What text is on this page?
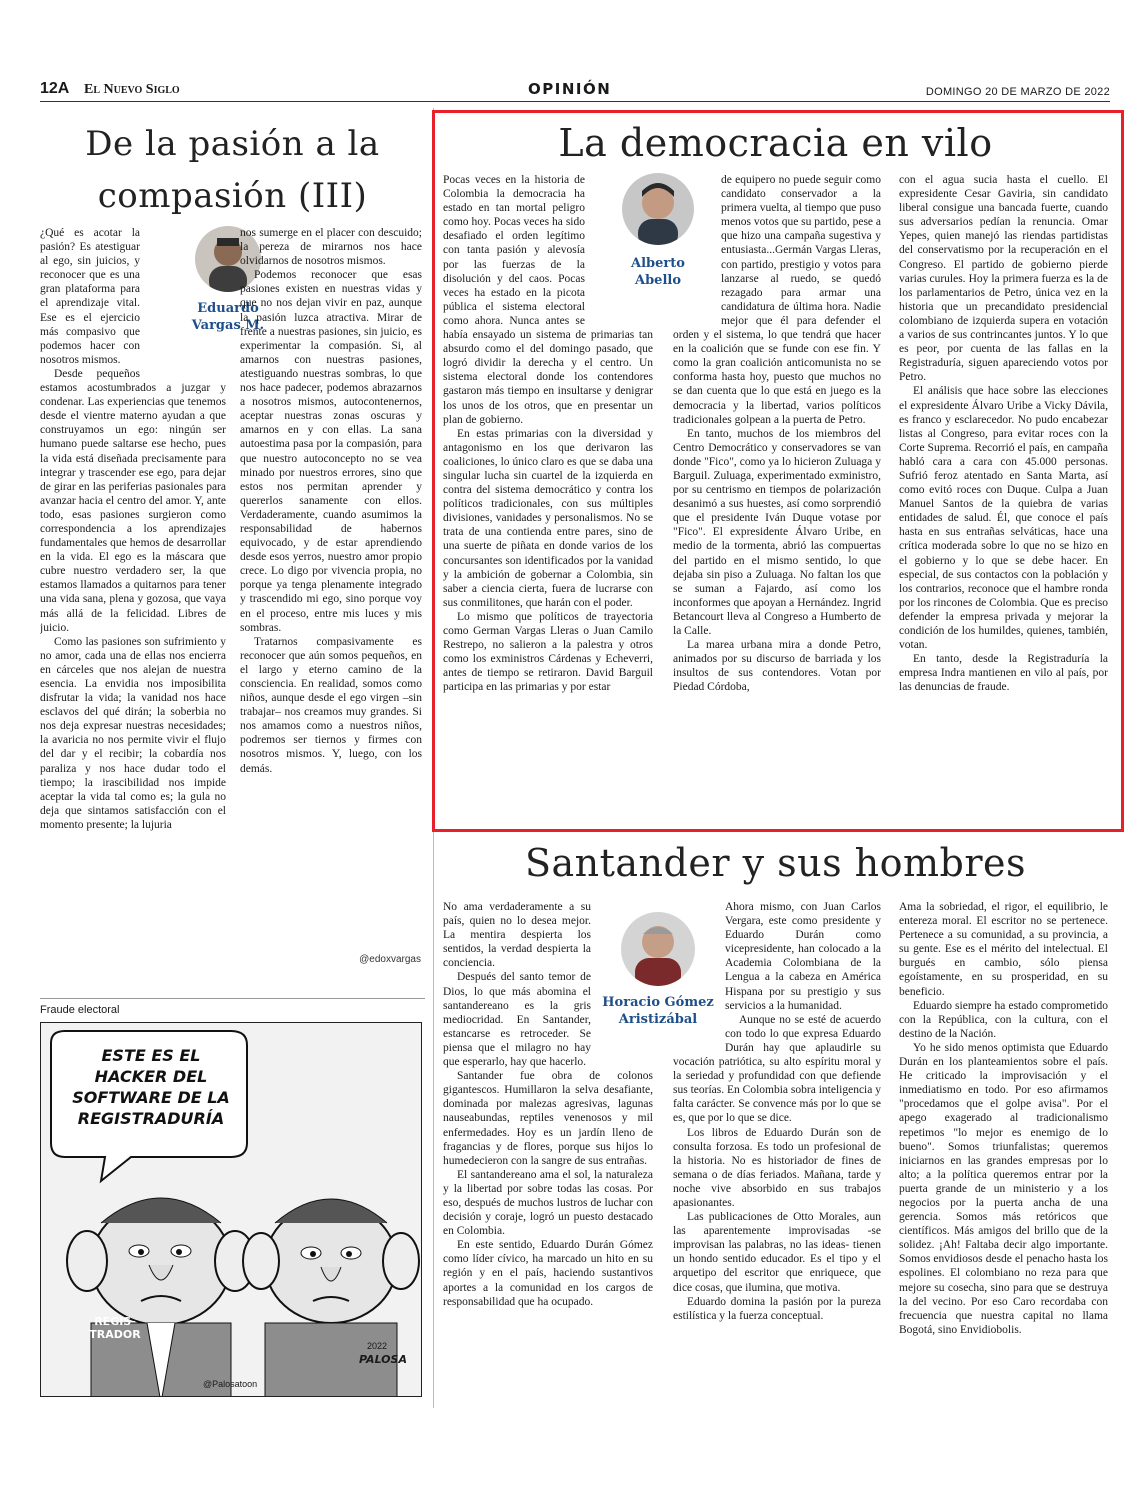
12A El Nuevo Siglo	OPINIÓN	DOMINGO 20 DE MARZO DE 2022
De la pasión a la
compasión (III)

¿Qué es acotar la pasión? Es atestiguar al ego, sin juicios, y reconocer que es una gran plataforma para el aprendizaje vital. Ese es el ejercicio más compasivo que podemos hacer con nosotros mismos.

Desde pequeños estamos acostumbrados a juzgar y condenar. Las experiencias que tenemos desde el vientre materno ayudan a que construyamos un ego: ningún ser humano puede saltarse ese hecho, pues la vida está diseñada precisamente para integrar y trascender ese ego, para dejar de girar en las periferias pasionales para avanzar hacia el centro del amor. Y, ante todo, esas pasiones surgieron como correspondencia a los aprendizajes fundamentales que hemos de desarrollar en la vida. El ego es la máscara que cubre nuestro verdadero ser, la que estamos llamados a quitarnos para tener una vida sana, plena y gozosa, que vaya más allá de la felicidad. Libres de juicio.

Como las pasiones son sufrimiento y no amor, cada una de ellas nos encierra en cárceles que nos alejan de nuestra esencia. La envidia nos imposibilita disfrutar la vida; la vanidad nos hace esclavos del qué dirán; la soberbia no nos deja expresar nuestras necesidades; la avaricia no nos permite vivir el flujo del dar y el recibir; la cobardía nos paraliza y nos hace dudar todo el tiempo; la irascibilidad nos impide aceptar la vida tal como es; la gula no deja que sintamos satisfacción con el momento presente; la lujuria

Eduardo
Vargas M.

nos sumerge en el placer con descuido; la pereza de mirarnos nos hace olvidarnos de nosotros mismos.

Podemos reconocer que esas pasiones existen en nuestras vidas y que no nos dejan vivir en paz, aunque la pasión luzca atractiva. Mirar de frente a nuestras pasiones, sin juicio, es experimentar la compasión. Si, al amarnos con nuestras pasiones, atestiguando nuestras sombras, lo que nos hace padecer, podemos abrazarnos a nosotros mismos, autocontenernos, aceptar nuestras zonas oscuras y amarnos en y con ellas. La sana autoestima pasa por la compasión, para que nuestro autoconcepto no se vea minado por nuestros errores, sino que estos nos permitan aprender y quererlos sanamente con ellos. Verdaderamente, cuando asumimos la responsabilidad de habernos equivocado, y de estar aprendiendo desde esos yerros, nuestro amor propio crece. Lo digo por vivencia propia, no porque ya tenga plenamente integrado y trascendido mi ego, sino porque voy en el proceso, entre mis luces y mis sombras.

Tratarnos compasivamente es reconocer que aún somos pequeños, en el largo y eterno camino de la consciencia. En realidad, somos como niños, aunque desde el ego virgen –sin trabajar– nos creamos muy grandes. Si nos amamos como a nuestros niños, podremos ser tiernos y firmes con nosotros mismos. Y, luego, con los demás.

@edoxvargas
Fraude electoral
ESTE ES EL HACKER DEL SOFTWARE DE LA REGISTRADURÍA
REGIS-TRADOR
2022
PALOSA
@Palosatoon
La democracia en vilo

Pocas veces en la historia de Colombia la democracia ha estado en tan mortal peligro como hoy. Pocas veces ha sido desafiado el orden legítimo con tanta pasión y alevosía por las fuerzas de la disolución y del caos. Pocas veces ha estado en la picota pública el sistema electoral como ahora. Nunca antes se había ensayado un sistema de primarias tan absurdo como el del domingo pasado, que logró dividir la derecha y el centro. Un sistema electoral donde los contendores gastaron más tiempo en insultarse y denigrar los unos de los otros, que en presentar un plan de gobierno.

En estas primarias con la diversidad y antagonismo en los que derivaron las coaliciones, lo único claro es que se daba una singular lucha sin cuartel de la izquierda en contra del sistema democrático y contra los políticos tradicionales, con sus múltiples divisiones, vanidades y personalismos. No se trata de una contienda entre pares, sino de una suerte de piñata en donde varios de los concursantes son identificados por la vanidad y la ambición de gobernar a Colombia, sin saber a ciencia cierta, fuera de lucrarse con sus conmilitones, que harán con el poder.

Lo mismo que políticos de trayectoria como German Vargas Lleras o Juan Camilo Restrepo, no salieron a la palestra y otros como los exministros Cárdenas y Echeverri, antes de tiempo se retiraron. David Barguil participa en las primarias y por estar

Alberto
Abello

de equipero no puede seguir como candidato conservador a la primera vuelta, al tiempo que puso menos votos que su partido, pese a que hizo una campaña sugestiva y entusiasta...Germán Vargas Lleras, con partido, prestigio y votos para lanzarse al ruedo, se quedó rezagado para armar una candidatura de última hora. Nadie mejor que él para defender el orden y el sistema, lo que tendrá que hacer en la coalición que se funde con ese fin. Y como la gran coalición anticomunista no se conforma hasta hoy, puesto que muchos no se dan cuenta que lo que está en juego es la democracia y la libertad, varios políticos tradicionales golpean a la puerta de Petro.

En tanto, muchos de los miembros del Centro Democrático y conservadores se van donde "Fico", como ya lo hicieron Zuluaga y Barguil. Zuluaga, experimentado exministro, por su centrismo en tiempos de polarización desanimó a sus huestes, así como sorprendió que el presidente Iván Duque votase por "Fico". El expresidente Álvaro Uribe, en medio de la tormenta, abrió las compuertas del partido en el mismo sentido, lo que dejaba sin piso a Zuluaga. No faltan los que se suman a Fajardo, así como los inconformes que apoyan a Hernández. Ingrid Betancourt lleva al Congreso a Humberto de la Calle.

La marea urbana mira a donde Petro, animados por su discurso de barriada y los insultos de sus contendores. Votan por Piedad Córdoba,

con el agua sucia hasta el cuello. El expresidente Cesar Gaviria, sin candidato liberal consigue una bancada fuerte, cuando sus adversarios pedían la renuncia. Omar Yepes, quien manejó las riendas partidistas del conservatismo por la recuperación en el Congreso. El partido de gobierno pierde varias curules. Hoy la primera fuerza es la de los parlamentarios de Petro, única vez en la historia que un precandidato presidencial colombiano de izquierda supera en votación a varios de sus contrincantes juntos. Y lo que es peor, por cuenta de las fallas en la Registraduría, siguen apareciendo votos por Petro.

El análisis que hace sobre las elecciones el expresidente Álvaro Uribe a Vicky Dávila, es franco y esclarecedor. No pudo encabezar listas al Congreso, para evitar roces con la Corte Suprema. Recorrió el país, en campaña habló cara a cara con 45.000 personas. Sufrió feroz atentado en Santa Marta, así como evitó roces con Duque. Culpa a Juan Manuel Santos de la quiebra de varias entidades de salud. Él, que conoce el país hasta en sus entrañas selváticas, hace una crítica moderada sobre lo que no se hizo en el gobierno y lo que se debe hacer. En especial, de sus contactos con la población y los contrarios, reconoce que el hambre ronda por los rincones de Colombia. Que es preciso defender la empresa privada y mejorar la condición de los humildes, quienes, también, votan.

En tanto, desde la Registraduría la empresa Indra mantienen en vilo al país, por las denuncias de fraude.

Santander y sus hombres

No ama verdaderamente a su país, quien no lo desea mejor. La mentira despierta los sentidos, la verdad despierta la conciencia.

Después del santo temor de Dios, lo que más abomina el santandereano es la gris mediocridad. En Santander, estancarse es retroceder. Se piensa que el milagro no hay que esperarlo, hay que hacerlo.

Santander fue obra de colonos gigantescos. Humillaron la selva desafiante, dominada por malezas agresivas, lagunas nauseabundas, reptiles venenosos y mil enfermedades. Hoy es un jardín lleno de fragancias y de flores, porque sus hijos lo humedecieron con la sangre de sus entrañas.

El santandereano ama el sol, la naturaleza y la libertad por sobre todas las cosas. Por eso, después de muchos lustros de luchar con decisión y coraje, logró un puesto destacado en Colombia.

En este sentido, Eduardo Durán Gómez como líder cívico, ha marcado un hito en su región y en el país, haciendo sustantivos aportes a la comunidad en los cargos de responsabilidad que ha ocupado.

Horacio Gómez
Aristizábal

Ahora mismo, con Juan Carlos Vergara, este como presidente y Eduardo Durán como vicepresidente, han colocado a la Academia Colombiana de la Lengua a la cabeza en América Hispana por su prestigio y sus servicios a la humanidad.

Aunque no se esté de acuerdo con todo lo que expresa Eduardo Durán hay que aplaudirle su vocación patriótica, su alto espíritu moral y la seriedad y profundidad con que defiende sus teorías. En Colombia sobra inteligencia y falta carácter. Se convence más por lo que se es, que por lo que se dice.

Los libros de Eduardo Durán son de consulta forzosa. Es todo un profesional de la historia. No es historiador de fines de semana o de días feriados. Mañana, tarde y noche vive absorbido en sus trabajos apasionantes.

Las publicaciones de Otto Morales, aun las aparentemente improvisadas -se improvisan las palabras, no las ideas- tienen un hondo sentido educador. Es el tipo y el arquetipo del escritor que enriquece, que dice cosas, que ilumina, que motiva.

Eduardo domina la pasión por la pureza estilística y la fuerza conceptual.

Ama la sobriedad, el rigor, el equilibrio, le entereza moral. El escritor no se pertenece. Pertenece a su comunidad, a su provincia, a su gente. Ese es el mérito del intelectual. El burgués en cambio, sólo piensa egoístamente, en su prosperidad, en su beneficio.

Eduardo siempre ha estado comprometido con la República, con la cultura, con el destino de la Nación.

Yo he sido menos optimista que Eduardo Durán en los planteamientos sobre el país. He criticado la improvisación y el inmediatismo en todo. Por eso afirmamos "procedamos que el golpe avisa". Por el apego exagerado al tradicionalismo repetimos "lo mejor es enemigo de lo bueno". Somos triunfalistas; queremos iniciarnos en las grandes empresas por lo alto; a la política queremos entrar por la puerta grande de un ministerio y a los negocios por la puerta ancha de una gerencia. Somos más retóricos que científicos. Más amigos del brillo que de la solidez. ¡Ah! Faltaba decir algo importante. Somos envidiosos desde el penacho hasta los espolines. El colombiano no reza para que mejore su cosecha, sino para que se destruya la del vecino. Por eso Caro recordaba con frecuencia que nuestra capital no llama Bogotá, sino Envidiobolis.
